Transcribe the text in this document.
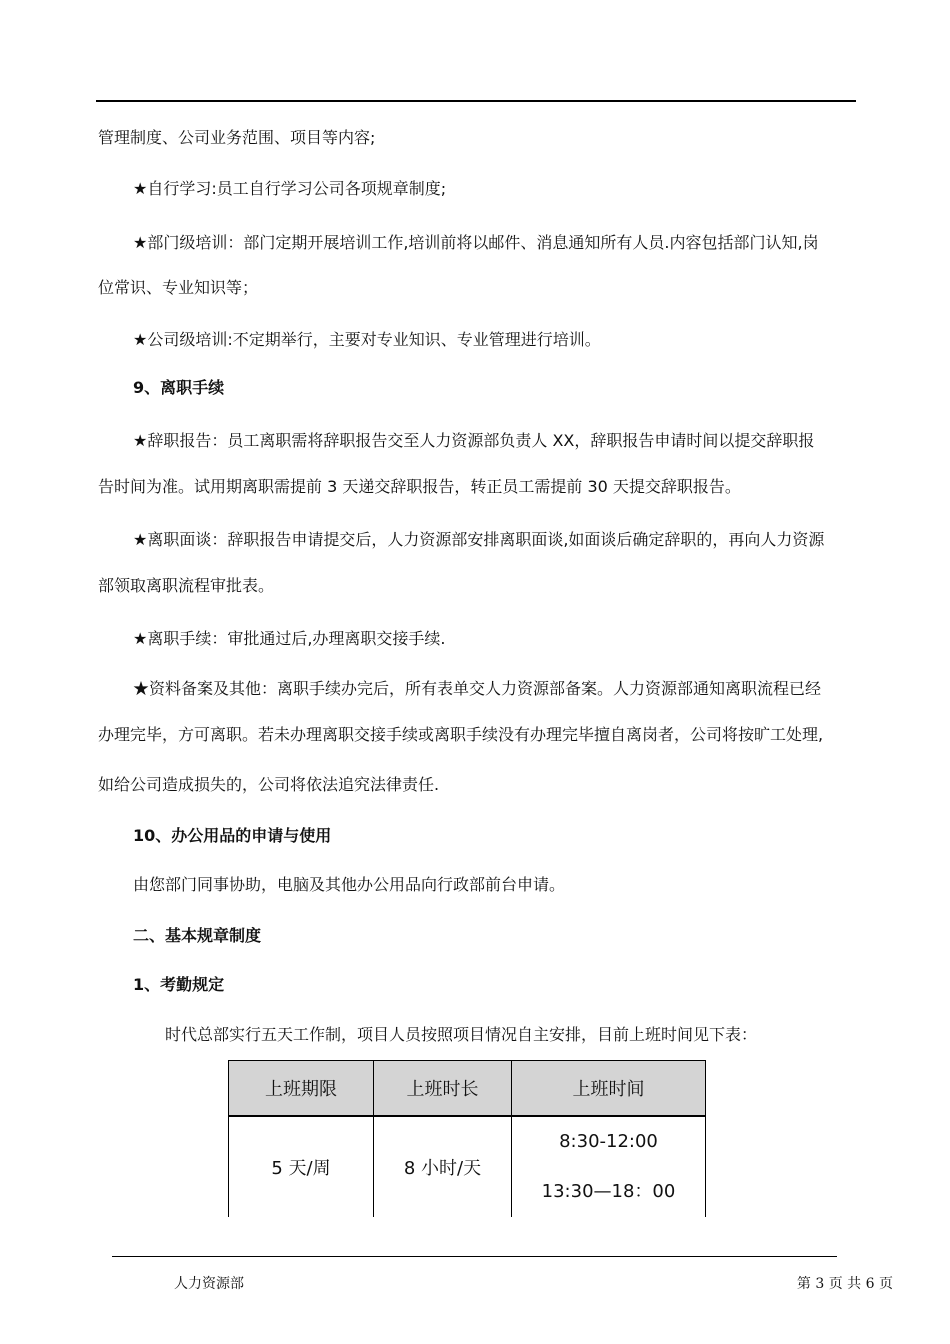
管理制度、公司业务范围、项目等内容;
★自行学习:员工自行学习公司各项规章制度;
★部门级培训：部门定期开展培训工作,培训前将以邮件、消息通知所有人员.内容包括部门认知,岗
位常识、专业知识等；
★公司级培训:不定期举行，主要对专业知识、专业管理进行培训。
9、离职手续
★辞职报告：员工离职需将辞职报告交至人力资源部负责人 XX，辞职报告申请时间以提交辞职报
告时间为准。试用期离职需提前 3 天递交辞职报告，转正员工需提前 30 天提交辞职报告。
★离职面谈：辞职报告申请提交后，人力资源部安排离职面谈,如面谈后确定辞职的，再向人力资源
部领取离职流程审批表。
★离职手续：审批通过后,办理离职交接手续.
★资料备案及其他：离职手续办完后，所有表单交人力资源部备案。人力资源部通知离职流程已经
办理完毕，方可离职。若未办理离职交接手续或离职手续没有办理完毕擅自离岗者，公司将按旷工处理,
如给公司造成损失的，公司将依法追究法律责任.
10、办公用品的申请与使用
由您部门同事协助，电脑及其他办公用品向行政部前台申请。
二、基本规章制度
1、考勤规定
时代总部实行五天工作制，项目人员按照项目情况自主安排，目前上班时间见下表：
上班期限	上班时长	上班时间
5 天/周	8 小时/天	8:30-12:00
13:30—18：00
人力资源部	第 3 页 共 6 页
